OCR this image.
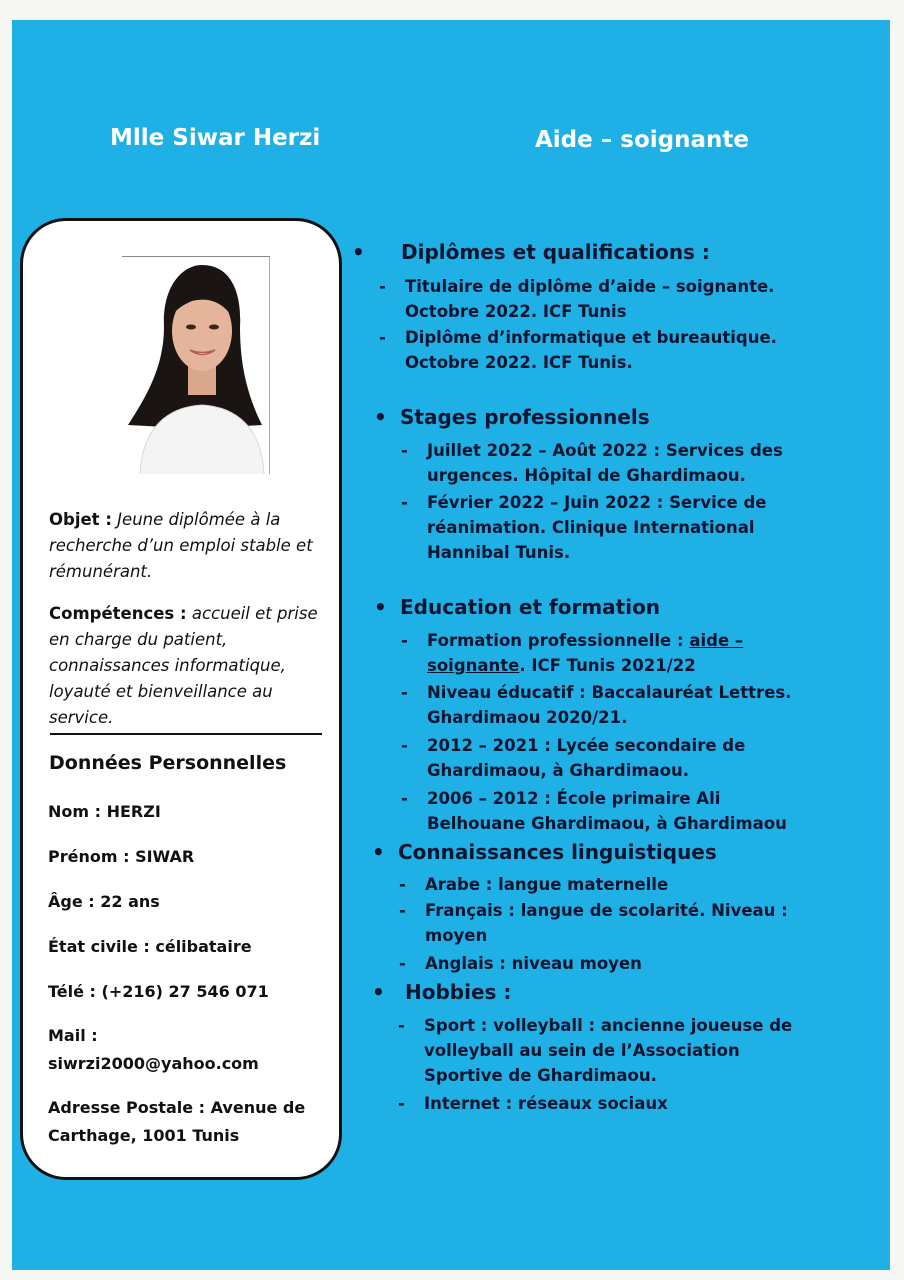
Mlle Siwar Herzi	Aide – soignante
Objet : Jeune diplômée à la recherche d’un emploi stable et rémunérant.
Compétences : accueil et prise en charge du patient, connaissances informatique, loyauté et bienveillance au service.
Données Personnelles
Nom : HERZI
Prénom : SIWAR
Âge : 22 ans
État civile : célibataire
Télé : (+216) 27 546 071
Mail :
siwrzi2000@yahoo.com
Adresse Postale : Avenue de Carthage, 1001 Tunis
• Diplômes et qualifications :
- Titulaire de diplôme d’aide – soignante. Octobre 2022. ICF Tunis
- Diplôme d’informatique et bureautique. Octobre 2022. ICF Tunis.
• Stages professionnels
- Juillet 2022 – Août 2022 : Services des urgences. Hôpital de Ghardimaou.
- Février 2022 – Juin 2022 : Service de réanimation. Clinique International Hannibal Tunis.
• Education et formation
- Formation professionnelle : aide – soignante. ICF Tunis 2021/22
- Niveau éducatif : Baccalauréat Lettres. Ghardimaou 2020/21.
- 2012 – 2021 : Lycée secondaire de Ghardimaou, à Ghardimaou.
- 2006 – 2012 : École primaire Ali Belhouane Ghardimaou, à Ghardimaou
• Connaissances linguistiques
- Arabe : langue maternelle
- Français : langue de scolarité. Niveau : moyen
- Anglais : niveau moyen
• Hobbies :
- Sport : volleyball : ancienne joueuse de volleyball au sein de l’Association Sportive de Ghardimaou.
- Internet : réseaux sociaux
